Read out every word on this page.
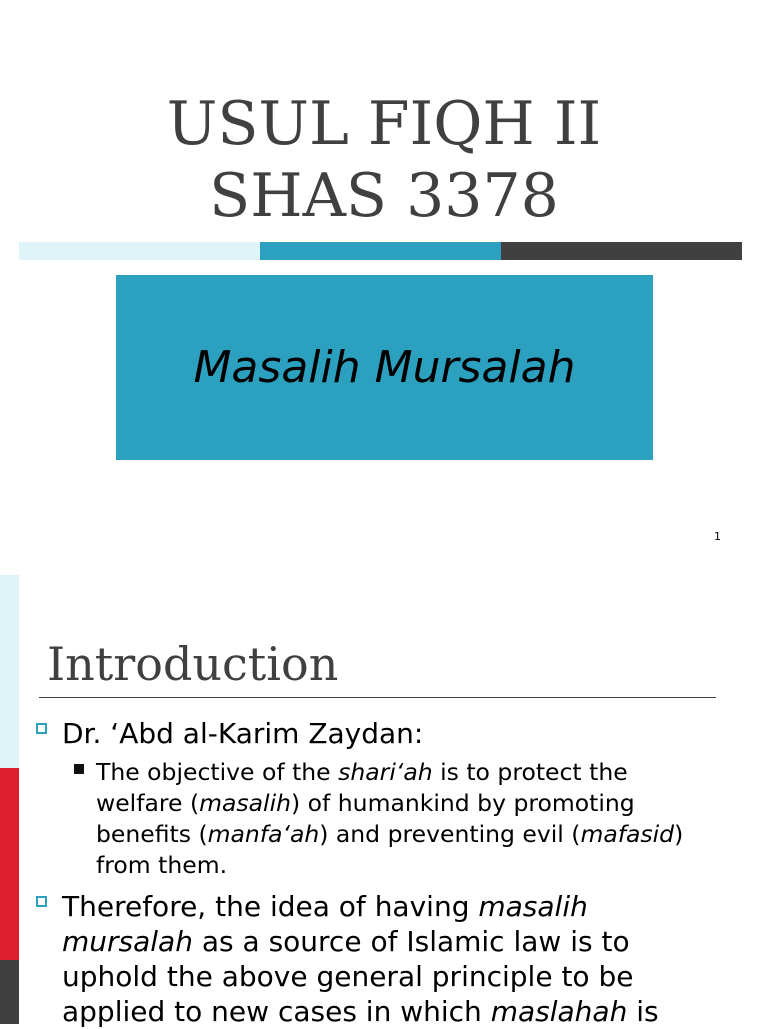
USUL FIQH II
SHAS 3378
Masalih Mursalah
1
Introduction
Dr. ‘Abd al-Karim Zaydan:
The objective of the shari‘ah is to protect the
welfare (masalih) of humankind by promoting
benefits (manfa‘ah) and preventing evil (mafasid)
from them.
Therefore, the idea of having masalih
mursalah as a source of Islamic law is to
uphold the above general principle to be
applied to new cases in which maslahah is
